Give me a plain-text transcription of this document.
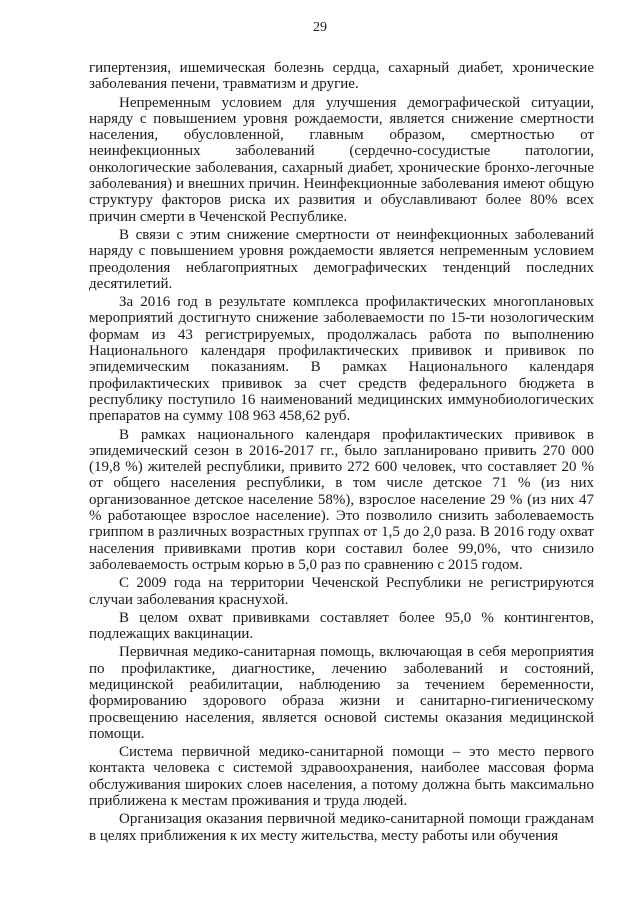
29

гипертензия, ишемическая болезнь сердца, сахарный диабет, хронические заболевания печени, травматизм и другие.

Непременным условием для улучшения демографической ситуации, наряду с повышением уровня рождаемости, является снижение смертности населения, обусловленной, главным образом, смертностью от неинфекционных заболеваний (сердечно-сосудистые патологии, онкологические заболевания, сахарный диабет, хронические бронхо-легочные заболевания) и внешних причин. Неинфекционные заболевания имеют общую структуру факторов риска их развития и обуславливают более 80% всех причин смерти в Чеченской Республике.

В связи с этим снижение смертности от неинфекционных заболеваний наряду с повышением уровня рождаемости является непременным условием преодоления неблагоприятных демографических тенденций последних десятилетий.

За 2016 год в результате комплекса профилактических многоплановых мероприятий достигнуто снижение заболеваемости по 15-ти нозологическим формам из 43 регистрируемых, продолжалась работа по выполнению Национального календаря профилактических прививок и прививок по эпидемическим показаниям. В рамках Национального календаря профилактических прививок за счет средств федерального бюджета в республику поступило 16 наименований медицинских иммунобиологических препаратов на сумму 108 963 458,62 руб.

В рамках национального календаря профилактических прививок в эпидемический сезон в 2016-2017 гг., было запланировано привить 270 000 (19,8 %) жителей республики, привито 272 600 человек, что составляет 20 % от общего населения республики, в том числе детское 71 % (из них организованное детское население 58%), взрослое население 29 % (из них 47 % работающее взрослое население). Это позволило снизить заболеваемость гриппом в различных возрастных группах от 1,5 до 2,0 раза. В 2016 году охват населения прививками против кори составил более 99,0%, что снизило заболеваемость острым корью в 5,0 раз по сравнению с 2015 годом.

С 2009 года на территории Чеченской Республики не регистрируются случаи заболевания краснухой.

В целом охват прививками составляет более 95,0 % контингентов, подлежащих вакцинации.

Первичная медико-санитарная помощь, включающая в себя мероприятия по профилактике, диагностике, лечению заболеваний и состояний, медицинской реабилитации, наблюдению за течением беременности, формированию здорового образа жизни и санитарно-гигиеническому просвещению населения, является основой системы оказания медицинской помощи.

Система первичной медико-санитарной помощи – это место первого контакта человека с системой здравоохранения, наиболее массовая форма обслуживания широких слоев населения, а потому должна быть максимально приближена к местам проживания и труда людей.

Организация оказания первичной медико-санитарной помощи гражданам в целях приближения к их месту жительства, месту работы или обучения
